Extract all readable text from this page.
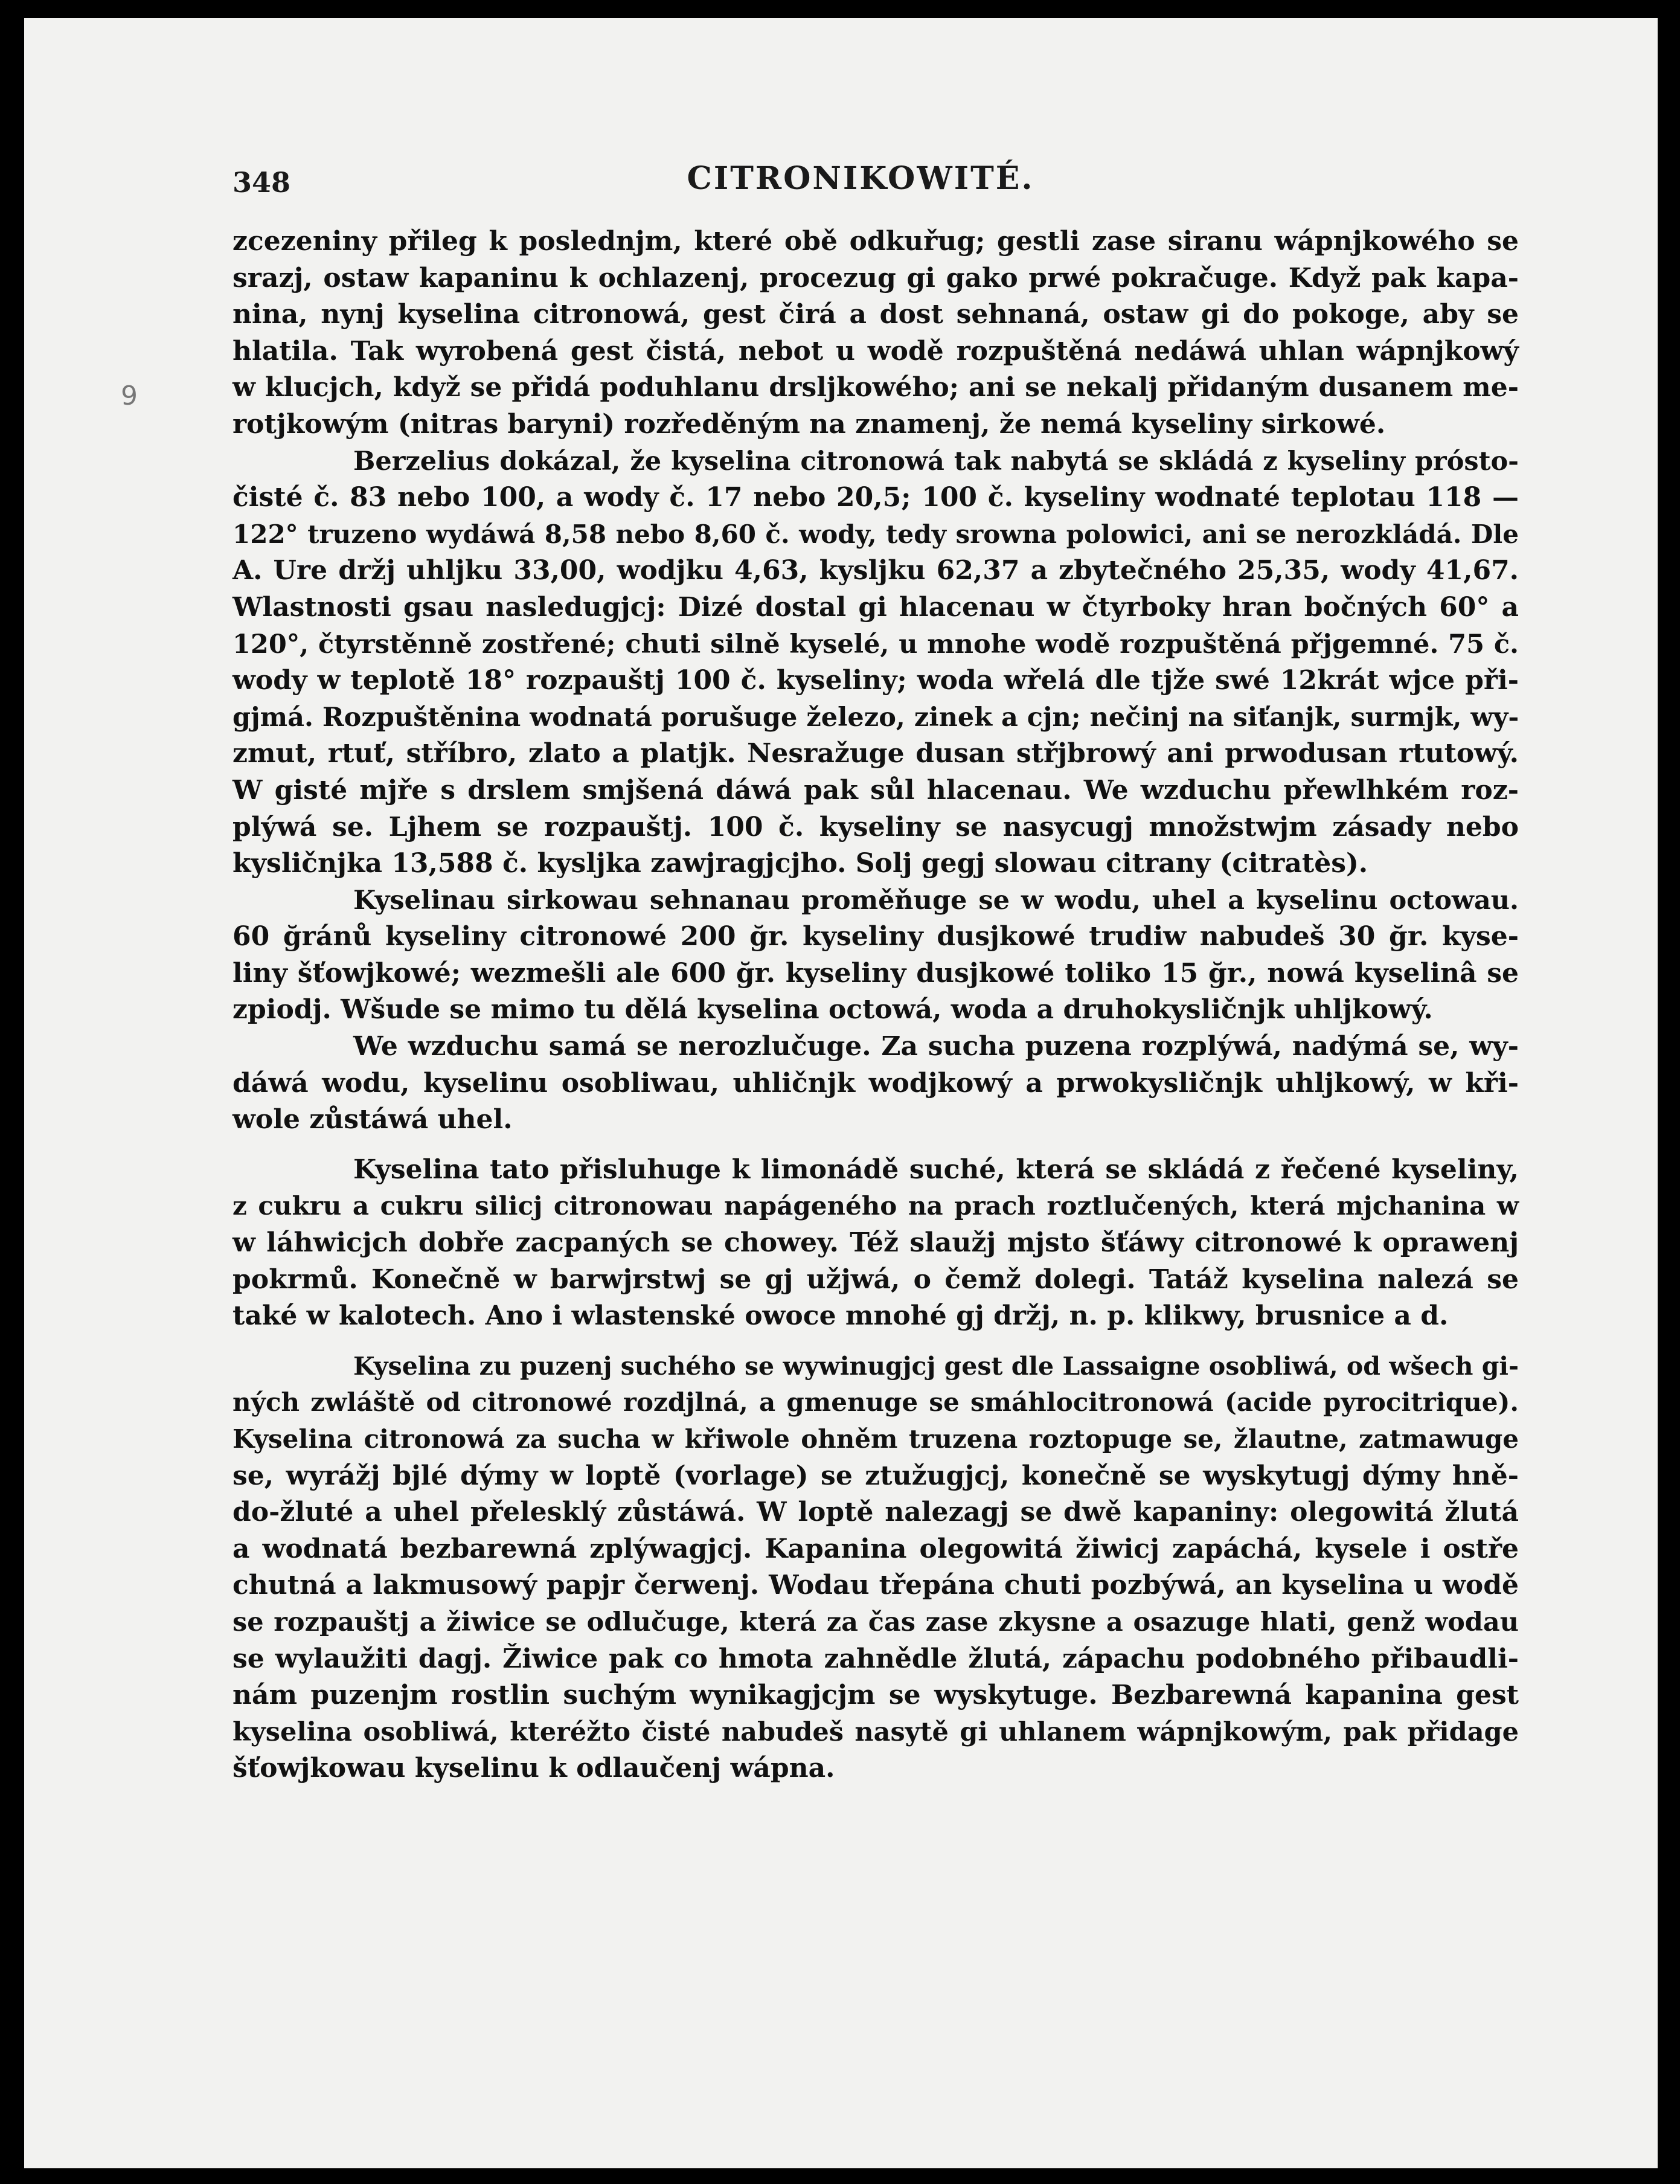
9
348	CITRONIKOWITÉ.
zcezeniny přileg k poslednjm, které obě odkuřug; gestli zase siranu wápnjkowého se
srazj, ostaw kapaninu k ochlazenj, procezug gi gako prwé pokračuge. Když pak kapa-
nina, nynj kyselina citronowá, gest čirá a dost sehnaná, ostaw gi do pokoge, aby se
hlatila. Tak wyrobená gest čistá, nebot u wodě rozpuštěná nedáwá uhlan wápnjkowý
w klucjch, když se přidá poduhlanu drsljkowého; ani se nekalj přidaným dusanem me-
rotjkowým (nitras baryni) rozředěným na znamenj, že nemá kyseliny sirkowé.
Berzelius dokázal, že kyselina citronowá tak nabytá se skládá z kyseliny prósto-
čisté č. 83 nebo 100, a wody č. 17 nebo 20,5; 100 č. kyseliny wodnaté teplotau 118 —
122° truzeno wydáwá 8,58 nebo 8,60 č. wody, tedy srowna polowici, ani se nerozkládá. Dle
A. Ure držj uhljku 33,00, wodjku 4,63, kysljku 62,37 a zbytečného 25,35, wody 41,67.
Wlastnosti gsau nasledugjcj: Dizé dostal gi hlacenau w čtyrboky hran bočných 60° a
120°, čtyrstěnně zostřené; chuti silně kyselé, u mnohe wodě rozpuštěná přjgemné. 75 č.
wody w teplotě 18° rozpauštj 100 č. kyseliny; woda wřelá dle tjže swé 12krát wjce při-
gjmá. Rozpuštěnina wodnatá porušuge železo, zinek a cjn; nečinj na siťanjk, surmjk, wy-
zmut, rtuť, stříbro, zlato a platjk. Nesražuge dusan střjbrowý ani prwodusan rtutowý.
W gisté mjře s drslem smjšená dáwá pak sůl hlacenau. We wzduchu přewlhkém roz-
plýwá se. Ljhem se rozpauštj. 100 č. kyseliny se nasycugj množstwjm zásady nebo
kysličnjka 13,588 č. kysljka zawjragjcjho. Solj gegj slowau citrany (citratès).
Kyselinau sirkowau sehnanau proměňuge se w wodu, uhel a kyselinu octowau.
60 ğránů kyseliny citronowé 200 ğr. kyseliny dusjkowé trudiw nabudeš 30 ğr. kyse-
liny šťowjkowé; wezmešli ale 600 ğr. kyseliny dusjkowé toliko 15 ğr., nowá kyselinâ se
zpiodj. Wšude se mimo tu dělá kyselina octowá, woda a druhokysličnjk uhljkowý.
We wzduchu samá se nerozlučuge. Za sucha puzena rozplýwá, nadýmá se, wy-
dáwá wodu, kyselinu osobliwau, uhličnjk wodjkowý a prwokysličnjk uhljkowý, w kři-
wole zůstáwá uhel.
Kyselina tato přisluhuge k limonádě suché, která se skládá z řečené kyseliny,
z cukru a cukru silicj citronowau napágeného na prach roztlučených, která mjchanina w
w láhwicjch dobře zacpaných se chowey. Též slaužj mjsto šťáwy citronowé k oprawenj
pokrmů. Konečně w barwjrstwj se gj užjwá, o čemž dolegi. Tatáž kyselina nalezá se
také w kalotech. Ano i wlastenské owoce mnohé gj držj, n. p. klikwy, brusnice a d.
Kyselina zu puzenj suchého se wywinugjcj gest dle Lassaigne osobliwá, od wšech gi-
ných zwláště od citronowé rozdjlná, a gmenuge se smáhlocitronowá (acide pyrocitrique).
Kyselina citronowá za sucha w křiwole ohněm truzena roztopuge se, žlautne, zatmawuge
se, wyrážj bjlé dýmy w loptě (vorlage) se ztužugjcj, konečně se wyskytugj dýmy hně-
do-žluté a uhel přelesklý zůstáwá. W loptě nalezagj se dwě kapaniny: olegowitá žlutá
a wodnatá bezbarewná zplýwagjcj. Kapanina olegowitá žiwicj zapáchá, kysele i ostře
chutná a lakmusowý papjr čerwenj. Wodau třepána chuti pozbýwá, an kyselina u wodě
se rozpauštj a žiwice se odlučuge, která za čas zase zkysne a osazuge hlati, genž wodau
se wylaužiti dagj. Žiwice pak co hmota zahnědle žlutá, zápachu podobného přibaudli-
nám puzenjm rostlin suchým wynikagjcjm se wyskytuge. Bezbarewná kapanina gest
kyselina osobliwá, kteréžto čisté nabudeš nasytě gi uhlanem wápnjkowým, pak přidage
šťowjkowau kyselinu k odlaučenj wápna.
